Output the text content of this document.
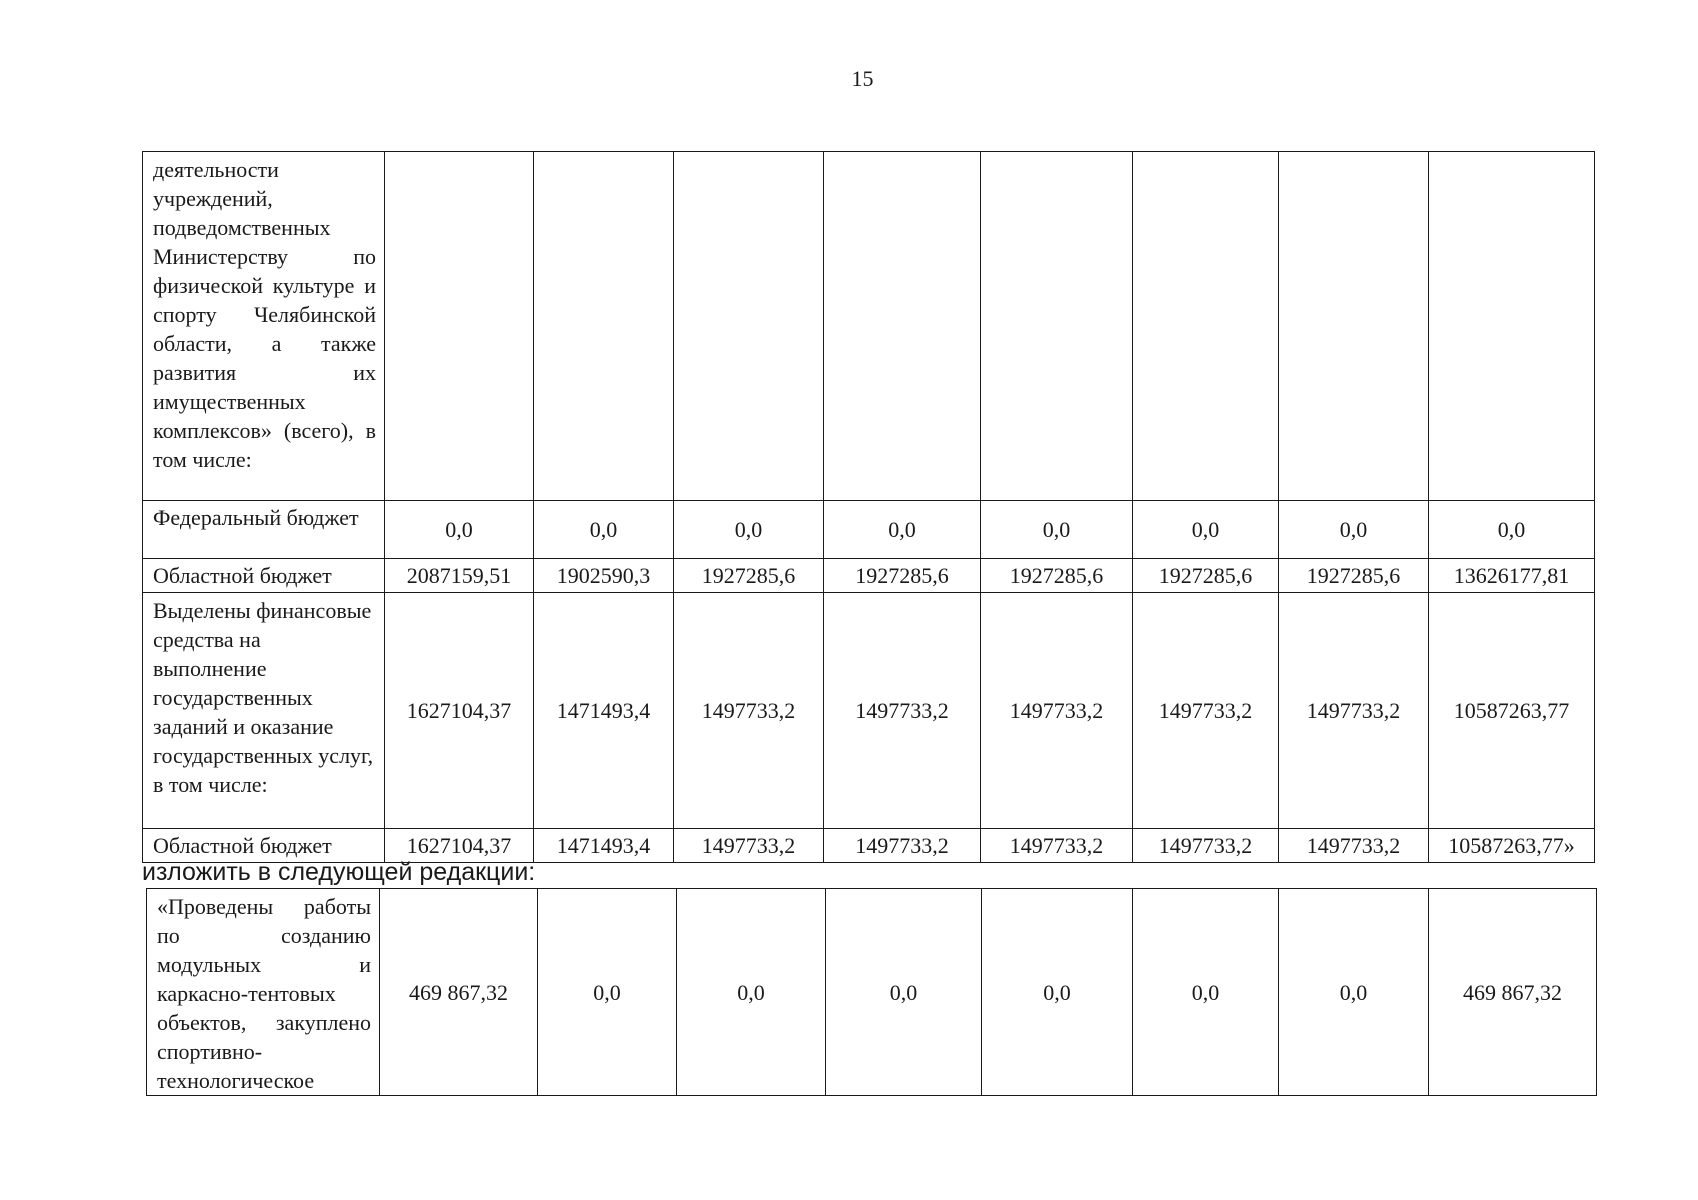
15
деятельности учреждений, подведомственных Министерству по физической культуре и спорту Челябинской области, а также развития их имущественных комплексов» (всего), в том числе:								
Федеральный бюджет	0,0	0,0	0,0	0,0	0,0	0,0	0,0	0,0
Областной бюджет	2087159,51	1902590,3	1927285,6	1927285,6	1927285,6	1927285,6	1927285,6	13626177,81
Выделены финансовые средства на выполнение государственных заданий и оказание государственных услуг, в том числе:	1627104,37	1471493,4	1497733,2	1497733,2	1497733,2	1497733,2	1497733,2	10587263,77
Областной бюджет	1627104,37	1471493,4	1497733,2	1497733,2	1497733,2	1497733,2	1497733,2	10587263,77»
изложить в следующей редакции:
«Проведены работы по созданию модульных и каркасно-тентовых объектов, закуплено спортивно-технологическое	469 867,32	0,0	0,0	0,0	0,0	0,0	0,0	469 867,32
